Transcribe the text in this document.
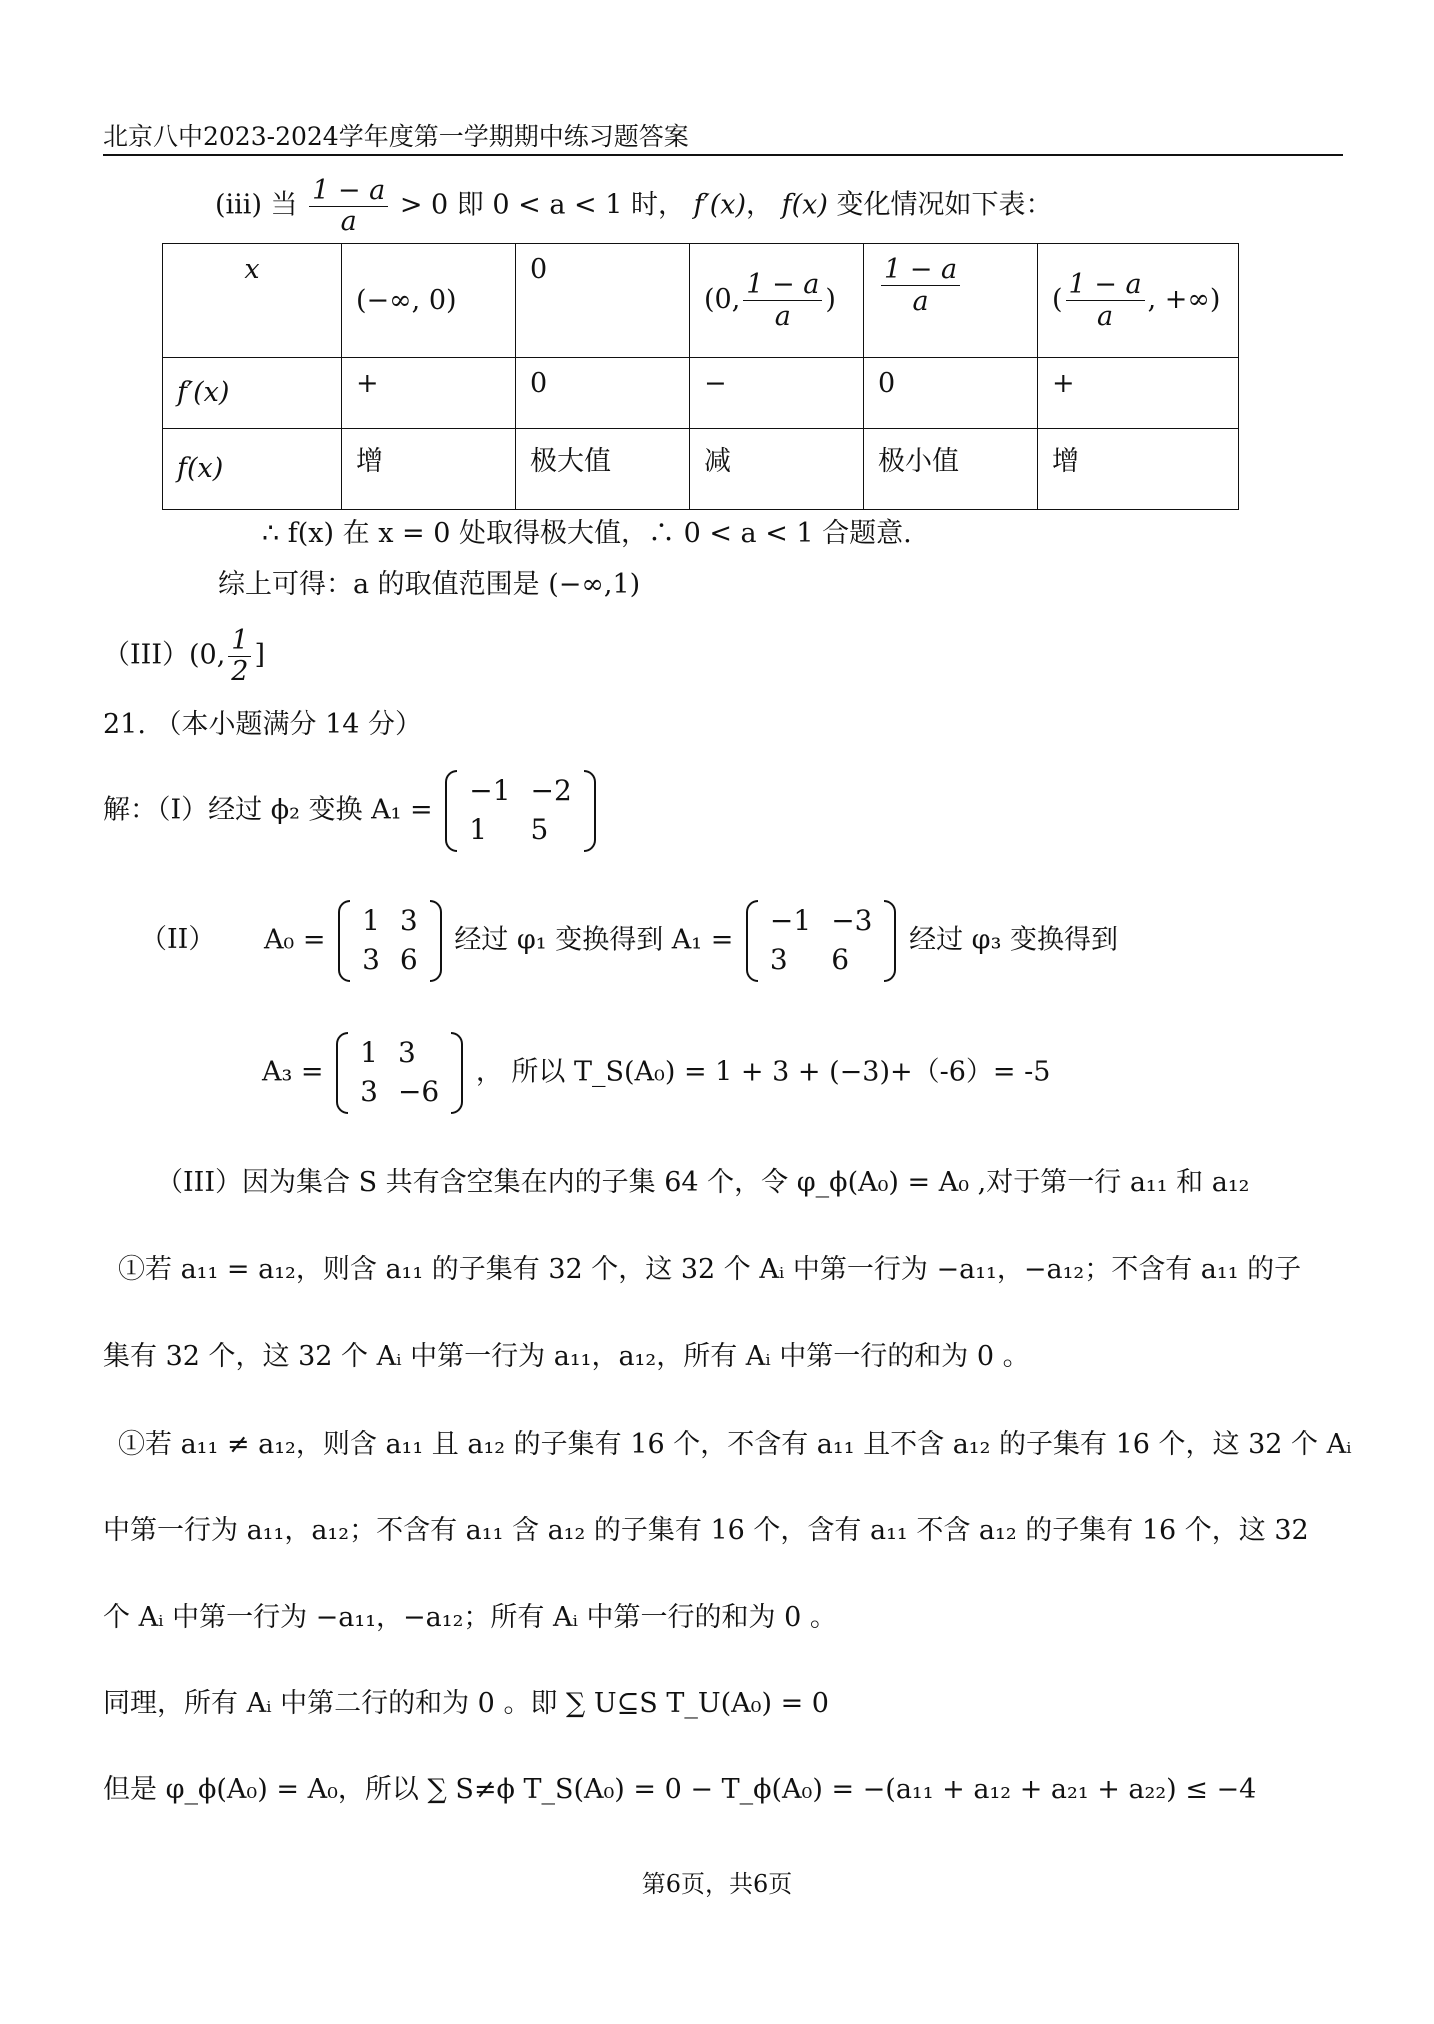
北京八中2023-2024学年度第一学期期中练习题答案
(iii) 当 $\frac{1 - a}{a} > 0$ 即 0 < a < 1 时， f′(x)， f(x) 变化情况如下表：
x	(−∞, 0)	0	(0, $\frac{1 - a}{a}$ )	$\frac{1 - a}{a}$	( $\frac{1 - a}{a}$ , +∞)
f′(x)	+	0	−	0	+
f(x)	增	极大值	减	极小值	增
∴ f(x) 在 x = 0 处取得极大值，∴ 0 < a < 1 合题意.
综上可得：a 的取值范围是 (−∞,1)
（III）(0, $\frac{1}{2}$ ]
21. （本小题满分 14 分）
解：（I）经过 ϕ₂ 变换 A₁ =
−1	−2
1	5
（II） A₀ =
1	3
3	6
经过 φ₁ 变换得到 A₁ =
−1	−3
3	6
经过 φ₃ 变换得到
A₃ =
1	3
3	−6
， 所以 T_S(A₀) = 1 + 3 + (−3)+（-6）= -5
（III）因为集合 S 共有含空集在内的子集 64 个，令 φ_ϕ(A₀) = A₀ ,对于第一行 a₁₁ 和 a₁₂
①若 a₁₁ = a₁₂，则含 a₁₁ 的子集有 32 个，这 32 个 Aᵢ 中第一行为 −a₁₁，−a₁₂；不含有 a₁₁ 的子
集有 32 个，这 32 个 Aᵢ 中第一行为 a₁₁，a₁₂，所有 Aᵢ 中第一行的和为 0 。
①若 a₁₁ ≠ a₁₂，则含 a₁₁ 且 a₁₂ 的子集有 16 个，不含有 a₁₁ 且不含 a₁₂ 的子集有 16 个，这 32 个 Aᵢ
中第一行为 a₁₁，a₁₂；不含有 a₁₁ 含 a₁₂ 的子集有 16 个，含有 a₁₁ 不含 a₁₂ 的子集有 16 个，这 32
个 Aᵢ 中第一行为 −a₁₁，−a₁₂；所有 Aᵢ 中第一行的和为 0 。
同理，所有 Aᵢ 中第二行的和为 0 。即 ∑ U⊆S T_U(A₀) = 0
但是 φ_ϕ(A₀) = A₀，所以 ∑ S≠ϕ T_S(A₀) = 0 − T_ϕ(A₀) = −(a₁₁ + a₁₂ + a₂₁ + a₂₂) ≤ −4
第6页，共6页
